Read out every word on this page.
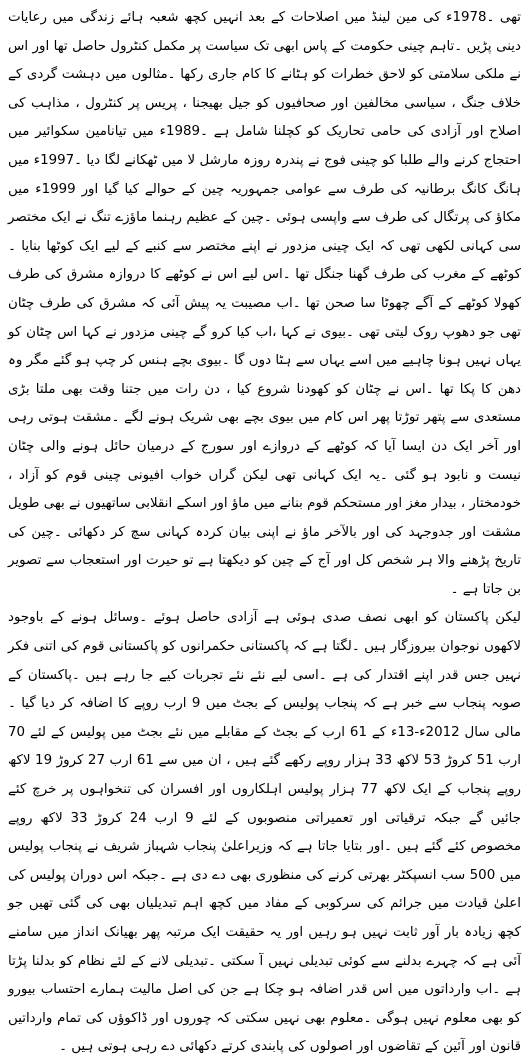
تھی ۔1978ء کی مین لینڈ میں اصلاحات کے بعد انہیں کچھ شعبہ ہائے زندگی میں رعایات دینی پڑیں ۔تاہم چینی حکومت کے پاس ابھی تک سیاست پر مکمل کنٹرول حاصل تھا اور اس نے ملکی سلامتی کو لاحق خطرات کو ہٹانے کا کام جاری رکھا ۔مثالوں میں دہشت گردی کے خلاف جنگ ، سیاسی مخالفین اور صحافیوں کو جیل بھیجنا ، پریس پر کنٹرول ، مذاہب کی اصلاح اور آزادی کی حامی تحاریک کو کچلنا شامل ہے ۔1989ء میں تیانامین سکوائیر میں احتجاج کرنے والے طلبا کو چینی فوج نے پندرہ روزہ مارشل لا میں ٹھکانے لگا دیا ۔1997ء میں ہانگ کانگ برطانیہ کی طرف سے عوامی جمہوریہ چین کے حوالے کیا گیا اور 1999ء میں مکاؤ کی پرتگال کی طرف سے واپسی ہوئی ۔چین کے عظیم رہنما ماؤزے تنگ نے ایک مختصر سی کہانی لکھی تھی کہ ایک چینی مزدور نے اپنے مختصر سے کنبے کے لیے ایک کوٹھا بنایا ۔کوٹھے کے مغرب کی طرف گھنا جنگل تھا ۔اس لیے اس نے کوٹھے کا دروازہ مشرق کی طرف کھولا کوٹھے کے آگے چھوٹا سا صحن تھا ۔اب مصیبت یہ پیش آئی کہ مشرق کی طرف چٹان تھی جو دھوپ روک لیتی تھی ۔بیوی نے کہا ،اب کیا کرو گے چینی مزدور نے کہا اس چٹان کو یہاں نہیں ہونا چاہیے میں اسے یہاں سے ہٹا دوں گا ۔بیوی بچے ہنس کر چپ ہو گئے مگر وہ دھن کا پکا تھا ۔اس نے چٹان کو کھودنا شروع کیا ، دن رات میں جتنا وقت بھی ملتا بڑی مستعدی سے پتھر توڑتا پھر اس کام میں بیوی بچے بھی شریک ہونے لگے ۔مشقت ہوتی رہی اور آخر ایک دن ایسا آیا کہ کوٹھے کے دروازے اور سورج کے درمیان حائل ہونے والی چٹان نیست و نابود ہو گئی ۔یہ ایک کہانی تھی لیکن گراں خواب افیونی چینی قوم کو آزاد ، خودمختار ، بیدار مغز اور مستحکم قوم بنانے میں ماؤ اور اسکے انقلابی ساتھیوں نے بھی طویل مشقت اور جدوجہد کی اور بالآخر ماؤ نے اپنی بیان کردہ کہانی سچ کر دکھائی ۔چین کی تاریخ پڑھنے والا ہر شخص کل اور آج کے چین کو دیکھتا ہے تو حیرت اور استعجاب سے تصویر بن جاتا ہے ۔

لیکن پاکستان کو ابھی نصف صدی ہوئی ہے آزادی حاصل ہوئے ۔وسائل ہونے کے باوجود لاکھوں نوجوان بیروزگار ہیں ۔لگتا ہے کہ پاکستانی حکمرانوں کو پاکستانی قوم کی اتنی فکر نہیں جس قدر اپنے اقتدار کی ہے ۔اسی لیے نئے نئے تجربات کیے جا رہے ہیں ۔پاکستان کے صوبہ پنجاب سے خبر ہے کہ پنجاب پولیس کے بجٹ میں 9 ارب روپے کا اضافہ کر دیا گیا ۔مالی سال 2012ء-13ء کے 61 ارب کے بجٹ کے مقابلے میں نئے بجٹ میں پولیس کے لئے 70 ارب 51 کروڑ 53 لاکھ 33 ہزار روپے رکھے گئے ہیں ، ان میں سے 61 ارب 27 کروڑ 19 لاکھ روپے پنجاب کے ایک لاکھ 77 ہزار پولیس اہلکاروں اور افسران کی تنخواہوں پر خرچ کئے جائیں گے جبکہ ترقیاتی اور تعمیراتی منصوبوں کے لئے 9 ارب 24 کروڑ 33 لاکھ روپے مخصوص کئے گئے ہیں ۔اور بتایا جاتا ہے کہ وزیراعلیٰ پنجاب شہباز شریف نے پنجاب پولیس میں 500 سب انسپکٹر بھرتی کرنے کی منظوری بھی دے دی ہے ۔جبکہ اس دوران پولیس کی اعلیٰ قیادت میں جرائم کی سرکوبی کے مفاد میں کچھ اہم تبدیلیاں بھی کی گئی تھیں جو کچھ زیادہ بار آور ثابت نہیں ہو رہیں اور یہ حقیقت ایک مرتبہ پھر بھیانک انداز میں سامنے آئی ہے کہ چہرے بدلنے سے کوئی تبدیلی نہیں آ سکتی ۔تبدیلی لانے کے لئے نظام کو بدلنا پڑتا ہے ۔اب وارداتوں میں اس قدر اضافہ ہو چکا ہے جن کی اصل مالیت ہمارے احتساب بیورو کو بھی معلوم نہیں ہوگی ۔معلوم بھی نہیں سکتی کہ چوروں اور ڈاکوؤں کی تمام وارداتیں قانون اور آئین کے تقاضوں اور اصولوں کی پابندی کرتے دکھائی دے رہی ہوتی ہیں ۔
